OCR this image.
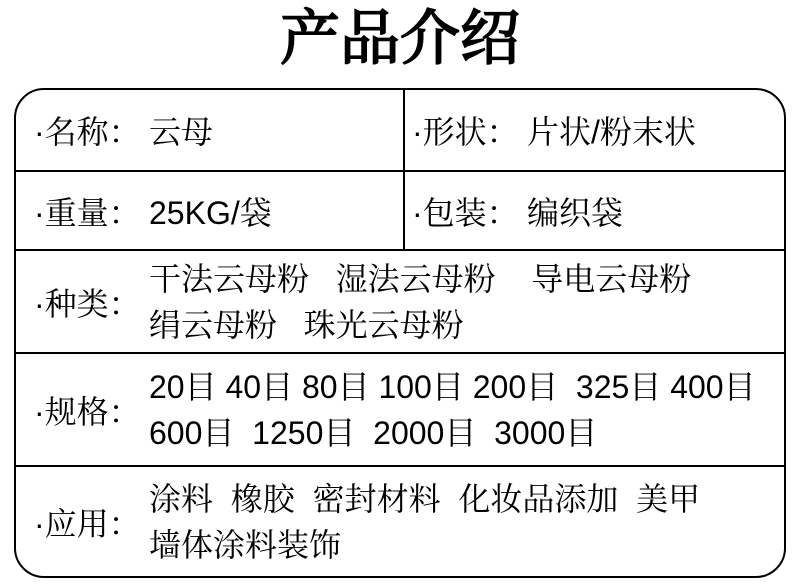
产品介绍
·名称： 云母	·形状： 片状/粉末状
·重量： 25KG/袋	·包装： 编织袋
·种类：
干法云母粉   湿法云母粉    导电云母粉
绢云母粉   珠光云母粉
·规格：
20目 40目 80目 100目 200目  325目 400目
600目  1250目  2000目  3000目
·应用：
涂料  橡胶  密封材料  化妆品添加  美甲
墙体涂料装饰
